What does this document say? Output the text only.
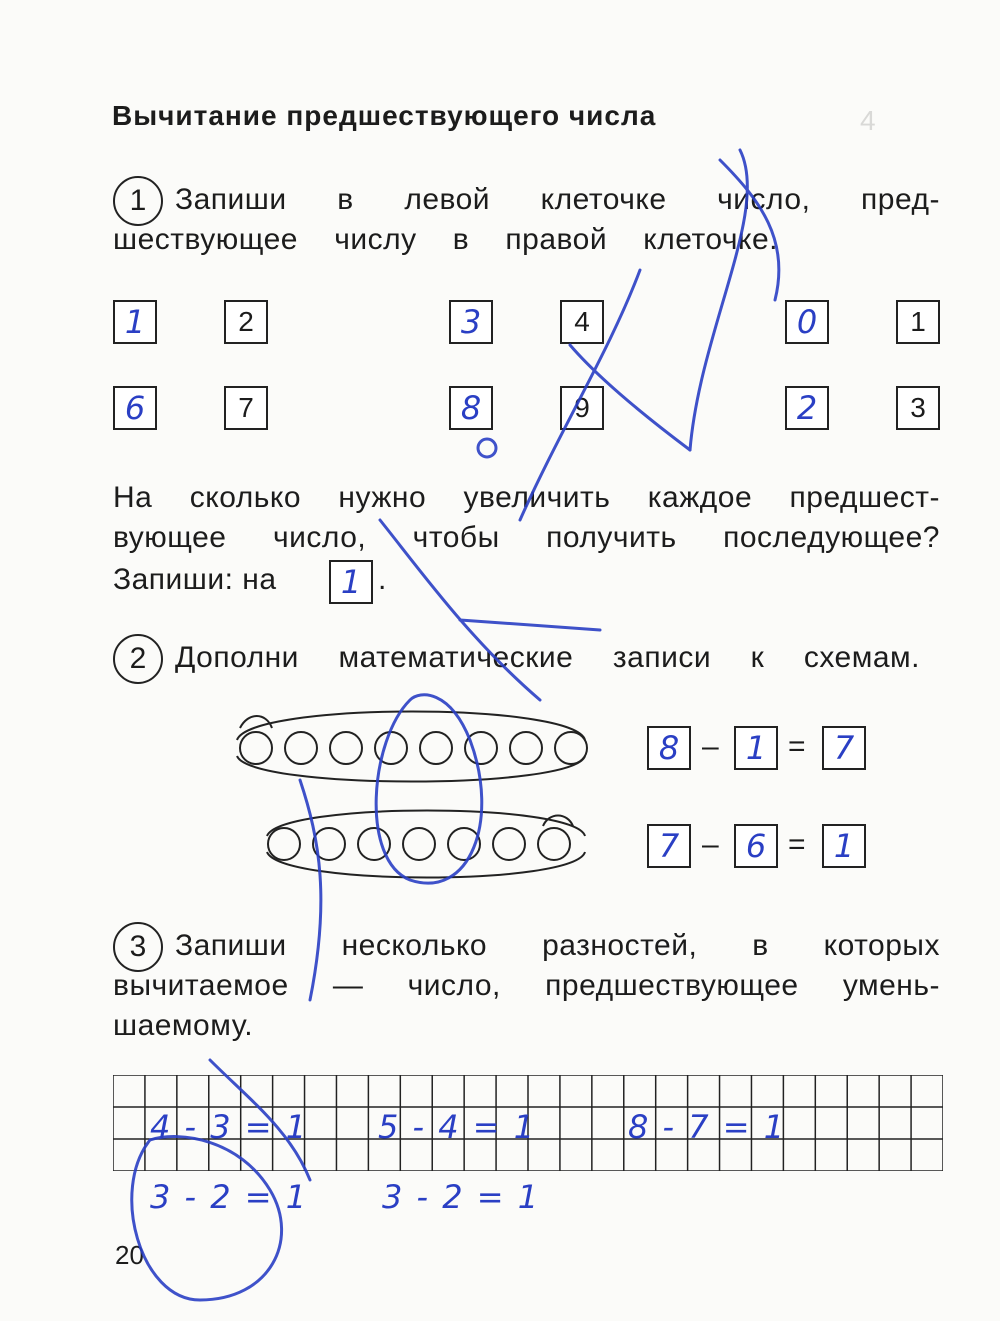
4
Вычитание предшествующего числа
1 Запиши в левой клеточке число, пред-
шествующее числу в правой клеточке.
1	2	3	4	0	1
6	7	8	9	2	3
На сколько нужно увеличить каждое предшест-
вующее число, чтобы получить последующее?
Запиши: на	1 .
2 Дополни математические записи к схемам.
8 – 1 = 7
7 – 6 = 1
3 Запиши несколько разностей, в которых
вычитаемое — число, предшествующее умень-
шаемому.
4 - 3 = 1 5 - 4 = 1	8 - 7 = 1
3 - 2 = 1 3 - 2 = 1
20
